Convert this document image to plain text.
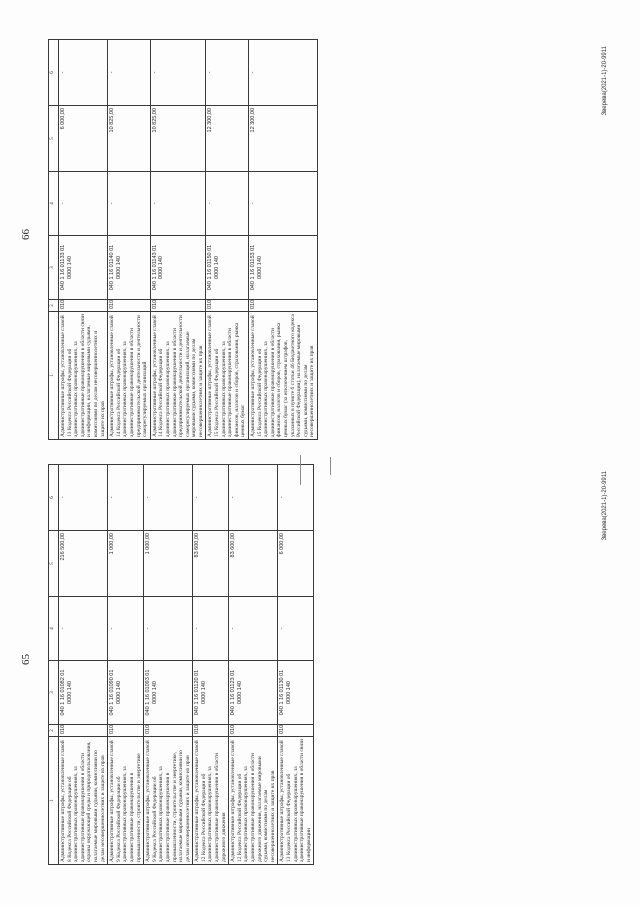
65
1	2	3	4	5	6
Административные штрафы, установленные главой 8 Кодекса Российской Федерации об административных правонарушениях, за административные правонарушения в области охраны окружающей среды и природопользования, налагаемые мировыми судьями, комиссиями по делам несовершеннолетних и защите их прав	010	040 1 16 01082 01 0000 140	-	216 500,00	-
Административные штрафы, установленные главой 9 Кодекса Российской Федерации об административных правонарушениях, за административные правонарушения в промышленности, строительстве и энергетике	010	040 1 16 01090 01 0000 140	-	1 000,00	-
Административные штрафы, установленные главой 9 Кодекса Российской Федерации об административных правонарушениях, за административные правонарушения в промышленности, строительстве и энергетике, налагаемые мировыми судьями, комиссиями по делам несовершеннолетних и защите их прав	010	040 1 16 01093 01 0000 140	-	1 000,00	-
Административные штрафы, установленные главой 12 Кодекса Российской Федерации об административных правонарушениях, за административные правонарушения в области дорожного движения	010	040 1 16 01120 01 0000 140	-	83 600,00	-
Административные штрафы, установленные главой 12 Кодекса Российской Федерации об административных правонарушениях, за административные правонарушения в области дорожного движения, налагаемые мировыми судьями, комиссиями по делам несовершеннолетних и защите их прав	010	040 1 16 01123 01 0000 140	-	83 600,00	-
Административные штрафы, установленные главой 13 Кодекса Российской Федерации об административных правонарушениях, за административные правонарушения в области связи и информации	010	040 1 16 01130 01 0000 140	-	6 000,00	-	Зверева(2021-1)-20-9911
66
1	2	3	4	5	6
Административные штрафы, установленные главой 13 Кодекса Российской Федерации об административных правонарушениях, за административные правонарушения в области связи и информации, налагаемые мировыми судьями, комиссиями по делам несовершеннолетних и защите их прав	010	040 1 16 01133 01 0000 140	-	6 000,00	-
Административные штрафы, установленные главой 14 Кодекса Российской Федерации об административных правонарушениях, за административные правонарушения в области предпринимательской деятельности и деятельности саморегулируемых организаций	010	040 1 16 01140 01 0000 140	-	10 825,00	-
Административные штрафы, установленные главой 14 Кодекса Российской Федерации об административных правонарушениях, за административные правонарушения в области предпринимательской деятельности и деятельности саморегулируемых организаций, налагаемые мировыми судьями, комиссиями по делам несовершеннолетних и защите их прав	010	040 1 16 01143 01 0000 140	-	10 825,00	-
Административные штрафы, установленные главой 15 Кодекса Российской Федерации об административных правонарушениях, за административные правонарушения в области финансов, налогов и сборов, страхования, рынка ценных бумаг	010	040 1 16 01150 01 0000 140	-	12 300,00	-
Административные штрафы, установленные главой 15 Кодекса Российской Федерации об административных правонарушениях, за административные правонарушения в области финансов, налогов и сборов, страхования, рынка ценных бумаг (за исключением штрафов, указанных в пункте 6 статьи 46 Бюджетного кодекса Российской Федерации), налагаемые мировыми судьями, комиссиями по делам несовершеннолетних и защите их прав	010	040 1 16 01153 01 0000 140	-	12 300,00	-	Зверева(2021-1)-20-9911
